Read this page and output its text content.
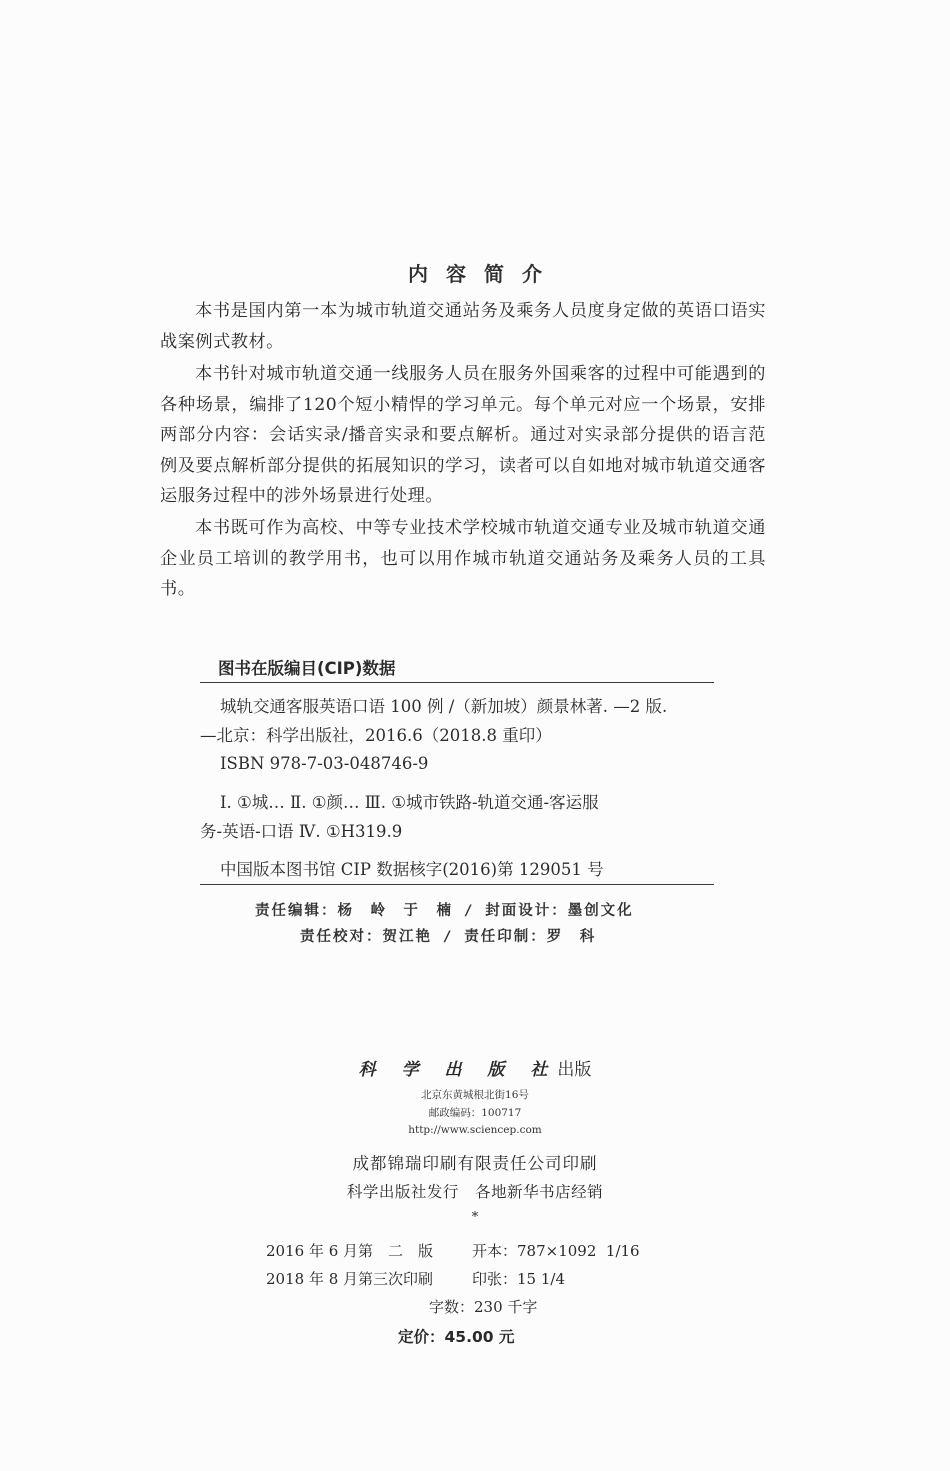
内容简介

本书是国内第一本为城市轨道交通站务及乘务人员度身定做的英语口语实战案例式教材。

本书针对城市轨道交通一线服务人员在服务外国乘客的过程中可能遇到的各种场景，编排了120个短小精悍的学习单元。每个单元对应一个场景，安排两部分内容：会话实录/播音实录和要点解析。通过对实录部分提供的语言范例及要点解析部分提供的拓展知识的学习，读者可以自如地对城市轨道交通客运服务过程中的涉外场景进行处理。

本书既可作为高校、中等专业技术学校城市轨道交通专业及城市轨道交通企业员工培训的教学用书，也可以用作城市轨道交通站务及乘务人员的工具书。

图书在版编目(CIP)数据
城轨交通客服英语口语 100 例 /（新加坡）颜景林著. —2 版.
—北京：科学出版社，2016.6（2018.8 重印）
ISBN 978-7-03-048746-9
Ⅰ. ①城… Ⅱ. ①颜… Ⅲ. ①城市铁路-轨道交通-客运服
务-英语-口语 Ⅳ. ①H319.9
中国版本图书馆 CIP 数据核字(2016)第 129051 号
责任编辑：杨　岭　于　楠 / 封面设计：墨创文化
责任校对：贺江艳 / 责任印制：罗　科
科 学 出 版 社出版
北京东黄城根北街16号
邮政编码：100717
http://www.sciencep.com
成都锦瑞印刷有限责任公司印刷
科学出版社发行   各地新华书店经销
*
2016 年 6 月第　二　版	开本：787×1092  1/16
2018 年 8 月第三次印刷	印张：15 1/4
字数：230 千字
定价：45.00 元
